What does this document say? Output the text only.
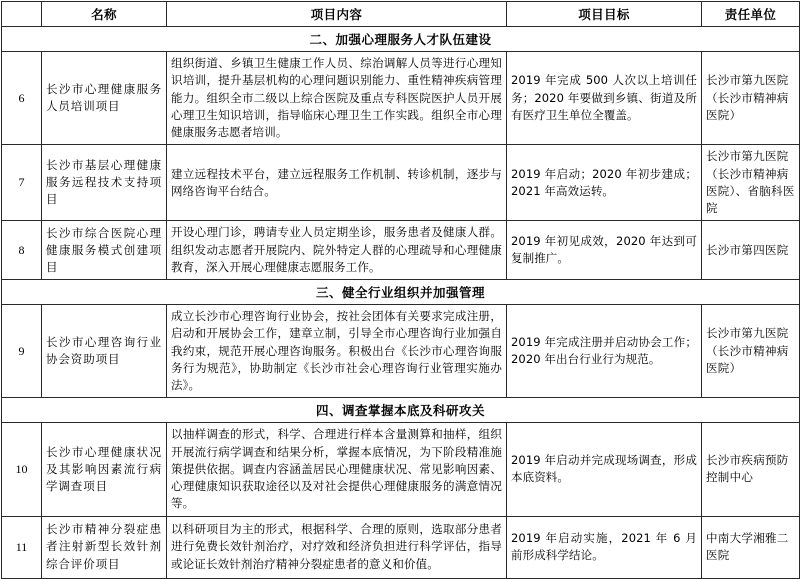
	名称	项目内容	项目目标	责任单位
二、加强心理服务人才队伍建设				
6	长沙市心理健康服务人员培训项目	组织街道、乡镇卫生健康工作人员、综治调解人员等进行心理知识培训，提升基层机构的心理问题识别能力、重性精神疾病管理能力。组织全市二级以上综合医院及重点专科医院医护人员开展心理卫生知识培训，指导临床心理卫生工作实践。组织全市心理健康服务志愿者培训。	2019 年完成 500 人次以上培训任务；2020 年要做到乡镇、街道及所有医疗卫生单位全覆盖。	长沙市第九医院（长沙市精神病医院）
7	长沙市基层心理健康服务远程技术支持项目	建立远程技术平台，建立远程服务工作机制、转诊机制，逐步与网络咨询平台结合。	2019 年启动；2020 年初步建成；2021 年高效运转。	长沙市第九医院（长沙市精神病医院）、省脑科医院
8	长沙市综合医院心理健康服务模式创建项目	开设心理门诊，聘请专业人员定期坐诊，服务患者及健康人群。组织发动志愿者开展院内、院外特定人群的心理疏导和心理健康教育，深入开展心理健康志愿服务工作。	2019 年初见成效，2020 年达到可复制推广。	长沙市第四医院
三、健全行业组织并加强管理				
9	长沙市心理咨询行业协会资助项目	成立长沙市心理咨询行业协会，按社会团体有关要求完成注册，启动和开展协会工作，建章立制，引导全市心理咨询行业加强自我约束，规范开展心理咨询服务。积极出台《长沙市心理咨询服务行为规范》，协助制定《长沙市社会心理咨询行业管理实施办法》。	2019 年完成注册并启动协会工作；2020 年出台行业行为规范。	长沙市第九医院（长沙市精神病医院）
四、调查掌握本底及科研攻关				
10	长沙市心理健康状况及其影响因素流行病学调查项目	以抽样调查的形式，科学、合理进行样本含量测算和抽样，组织开展流行病学调查和结果分析，掌握本底情况，为下阶段精准施策提供依据。调查内容涵盖居民心理健康状况、常见影响因素、心理健康知识获取途径以及对社会提供心理健康服务的满意情况等。	2019 年启动并完成现场调查，形成本底资料。	长沙市疾病预防控制中心
11	长沙市精神分裂症患者注射新型长效针剂综合评价项目	以科研项目为主的形式，根据科学、合理的原则，选取部分患者进行免费长效针剂治疗，对疗效和经济负担进行科学评估，指导或论证长效针剂治疗精神分裂症患者的意义和价值。	2019 年启动实施，2021 年 6 月前形成科学结论。	中南大学湘雅二医院
